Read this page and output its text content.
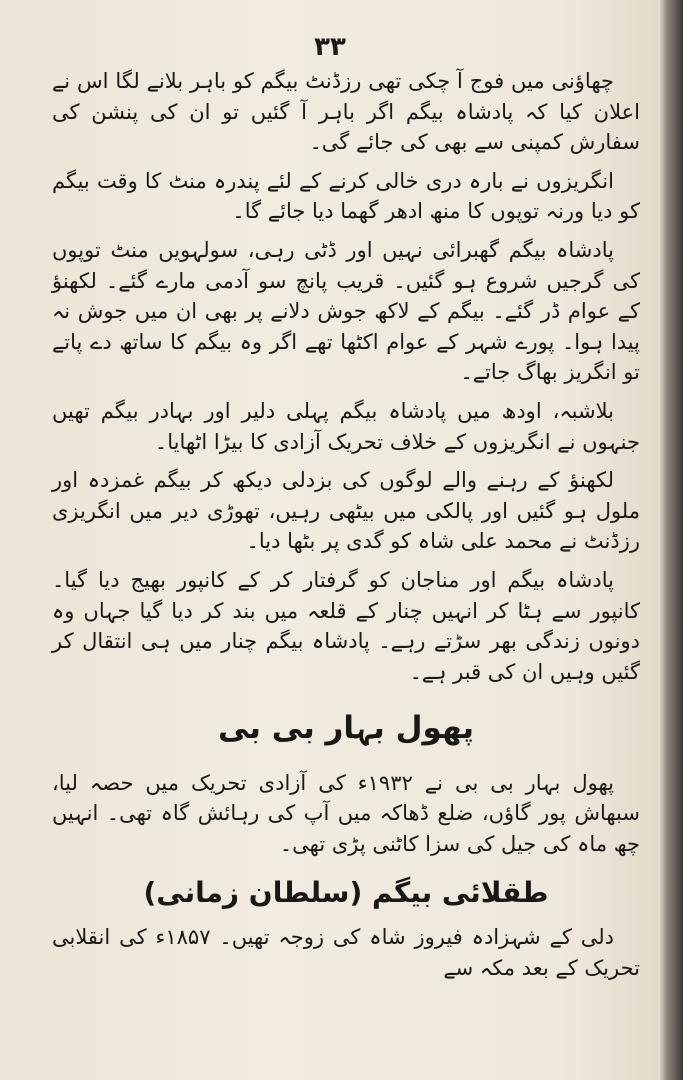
۳۳

چھاؤنی میں فوج آ چکی تھی رزڈنٹ بیگم کو باہر بلانے لگا اس نے اعلان کیا کہ پادشاہ بیگم اگر باہر آ گئیں تو ان کی پنشن کی سفارش کمپنی سے بھی کی جائے گی۔

انگریزوں نے بارہ دری خالی کرنے کے لئے پندرہ منٹ کا وقت بیگم کو دیا ورنہ توپوں کا منھ ادھر گھما دیا جائے گا۔

پادشاہ بیگم گھبرائی نہیں اور ڈٹی رہی، سولہویں منٹ توپوں کی گرجیں شروع ہو گئیں۔ قریب پانچ سو آدمی مارے گئے۔ لکھنؤ کے عوام ڈر گئے۔ بیگم کے لاکھ جوش دلانے پر بھی ان میں جوش نہ پیدا ہوا۔ پورے شہر کے عوام اکٹھا تھے اگر وہ بیگم کا ساتھ دے پاتے تو انگریز بھاگ جاتے۔

بلاشبہ، اودھ میں پادشاہ بیگم پہلی دلیر اور بہادر بیگم تھیں جنہوں نے انگریزوں کے خلاف تحریک آزادی کا بیڑا اٹھایا۔

لکھنؤ کے رہنے والے لوگوں کی بزدلی دیکھ کر بیگم غمزدہ اور ملول ہو گئیں اور پالکی میں بیٹھی رہیں، تھوڑی دیر میں انگریزی رزڈنٹ نے محمد علی شاہ کو گدی پر بٹھا دیا۔

پادشاہ بیگم اور مناجان کو گرفتار کر کے کانپور بھیج دیا گیا۔ کانپور سے ہٹا کر انہیں چنار کے قلعہ میں بند کر دیا گیا جہاں وہ دونوں زندگی بھر سڑتے رہے۔ پادشاہ بیگم چنار میں ہی انتقال کر گئیں وہیں ان کی قبر ہے۔

پھول بہار بی بی

پھول بہار بی بی نے ۱۹۳۲ء کی آزادی تحریک میں حصہ لیا، سبھاش پور گاؤں، ضلع ڈھاکہ میں آپ کی رہائش گاہ تھی۔ انہیں چھ ماہ کی جیل کی سزا کاٹنی پڑی تھی۔

طقلائی بیگم (سلطان زمانی)

دلی کے شہزادہ فیروز شاہ کی زوجہ تھیں۔ ۱۸۵۷ء کی انقلابی تحریک کے بعد مکہ سے
